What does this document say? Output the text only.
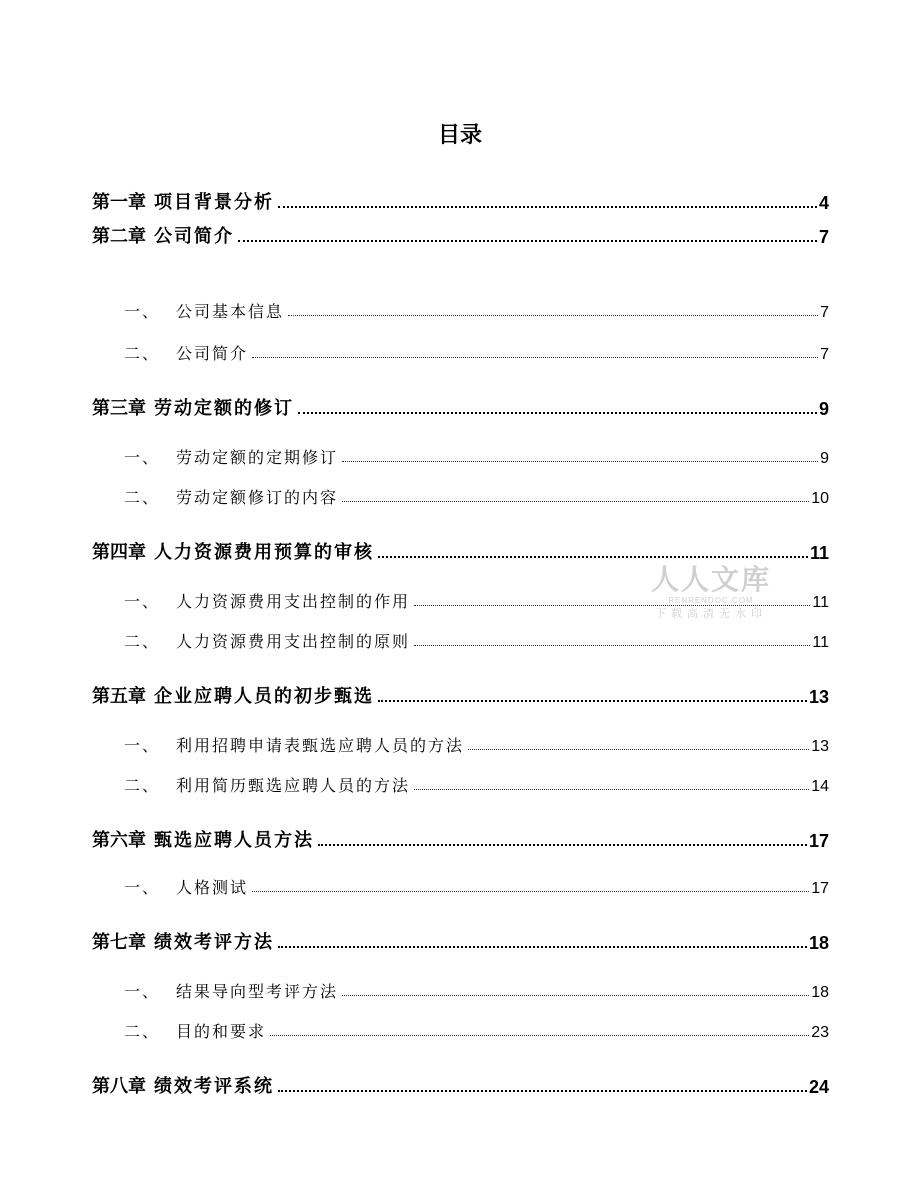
目录
第一章 项目背景分析	4
第二章 公司简介	7
一、 公司基本信息	7
二、 公司简介	7
第三章 劳动定额的修订	9
一、 劳动定额的定期修订	9
二、 劳动定额修订的内容	10
第四章 人力资源费用预算的审核	11
一、 人力资源费用支出控制的作用	11
二、 人力资源费用支出控制的原则	11
第五章 企业应聘人员的初步甄选	13
一、 利用招聘申请表甄选应聘人员的方法	13
二、 利用简历甄选应聘人员的方法	14
第六章 甄选应聘人员方法	17
一、 人格测试	17
第七章 绩效考评方法	18
一、 结果导向型考评方法	18
二、 目的和要求	23
第八章 绩效考评系统	24
人人文库
RENRENDOC.COM
下载高清无水印
